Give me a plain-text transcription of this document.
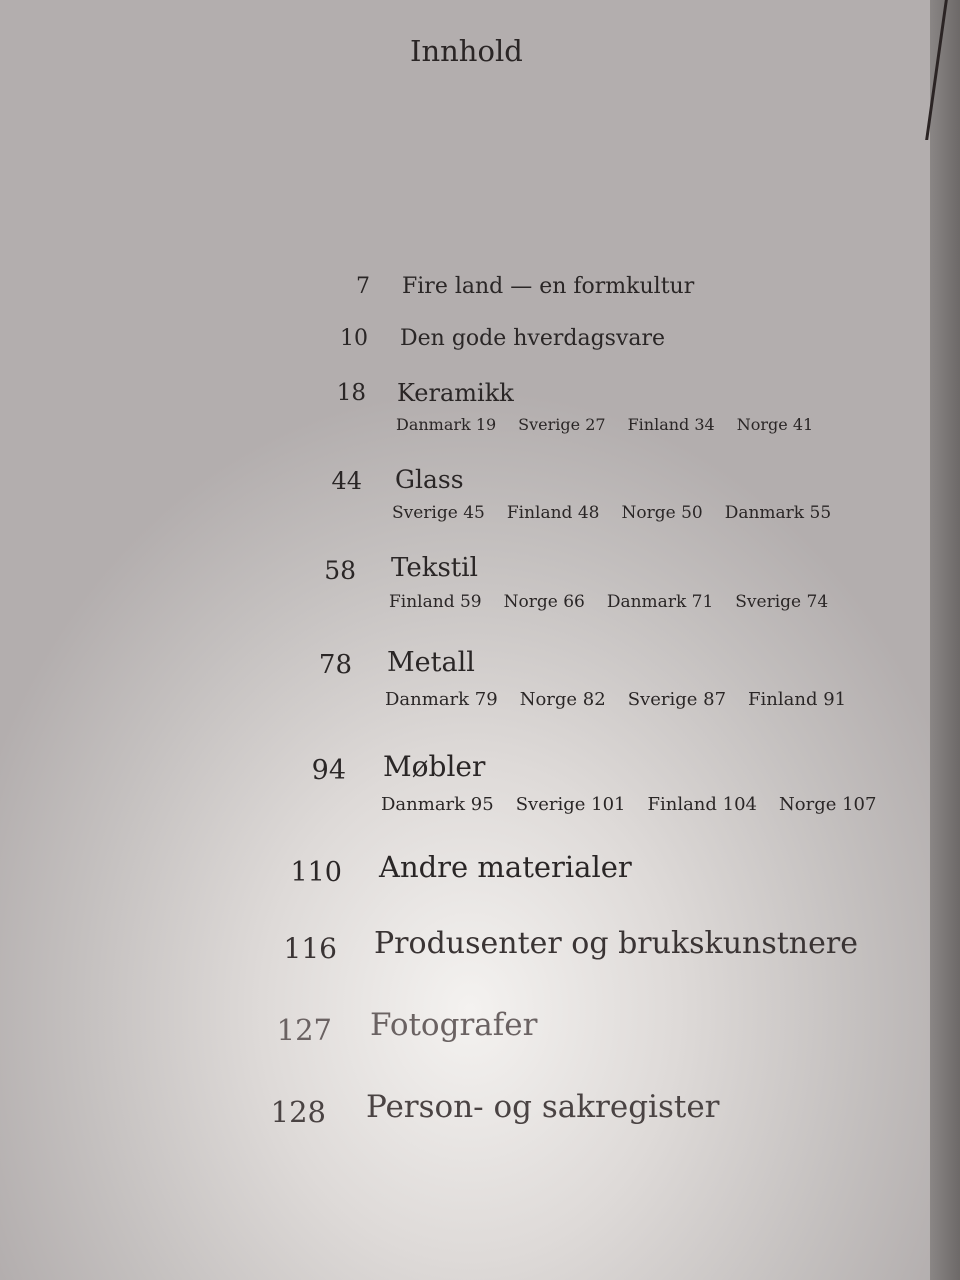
Innhold
7 Fire land — en formkultur
10 Den gode hverdagsvare
18 Keramikk
Danmark 19 Sverige 27 Finland 34 Norge 41
44 Glass
Sverige 45 Finland 48 Norge 50 Danmark 55
58 Tekstil
Finland 59 Norge 66 Danmark 71 Sverige 74
78 Metall
Danmark 79 Norge 82 Sverige 87 Finland 91
94 Møbler
Danmark 95 Sverige 101 Finland 104 Norge 107
110 Andre materialer
116 Produsenter og brukskunstnere
127 Fotografer
128 Person- og sakregister
